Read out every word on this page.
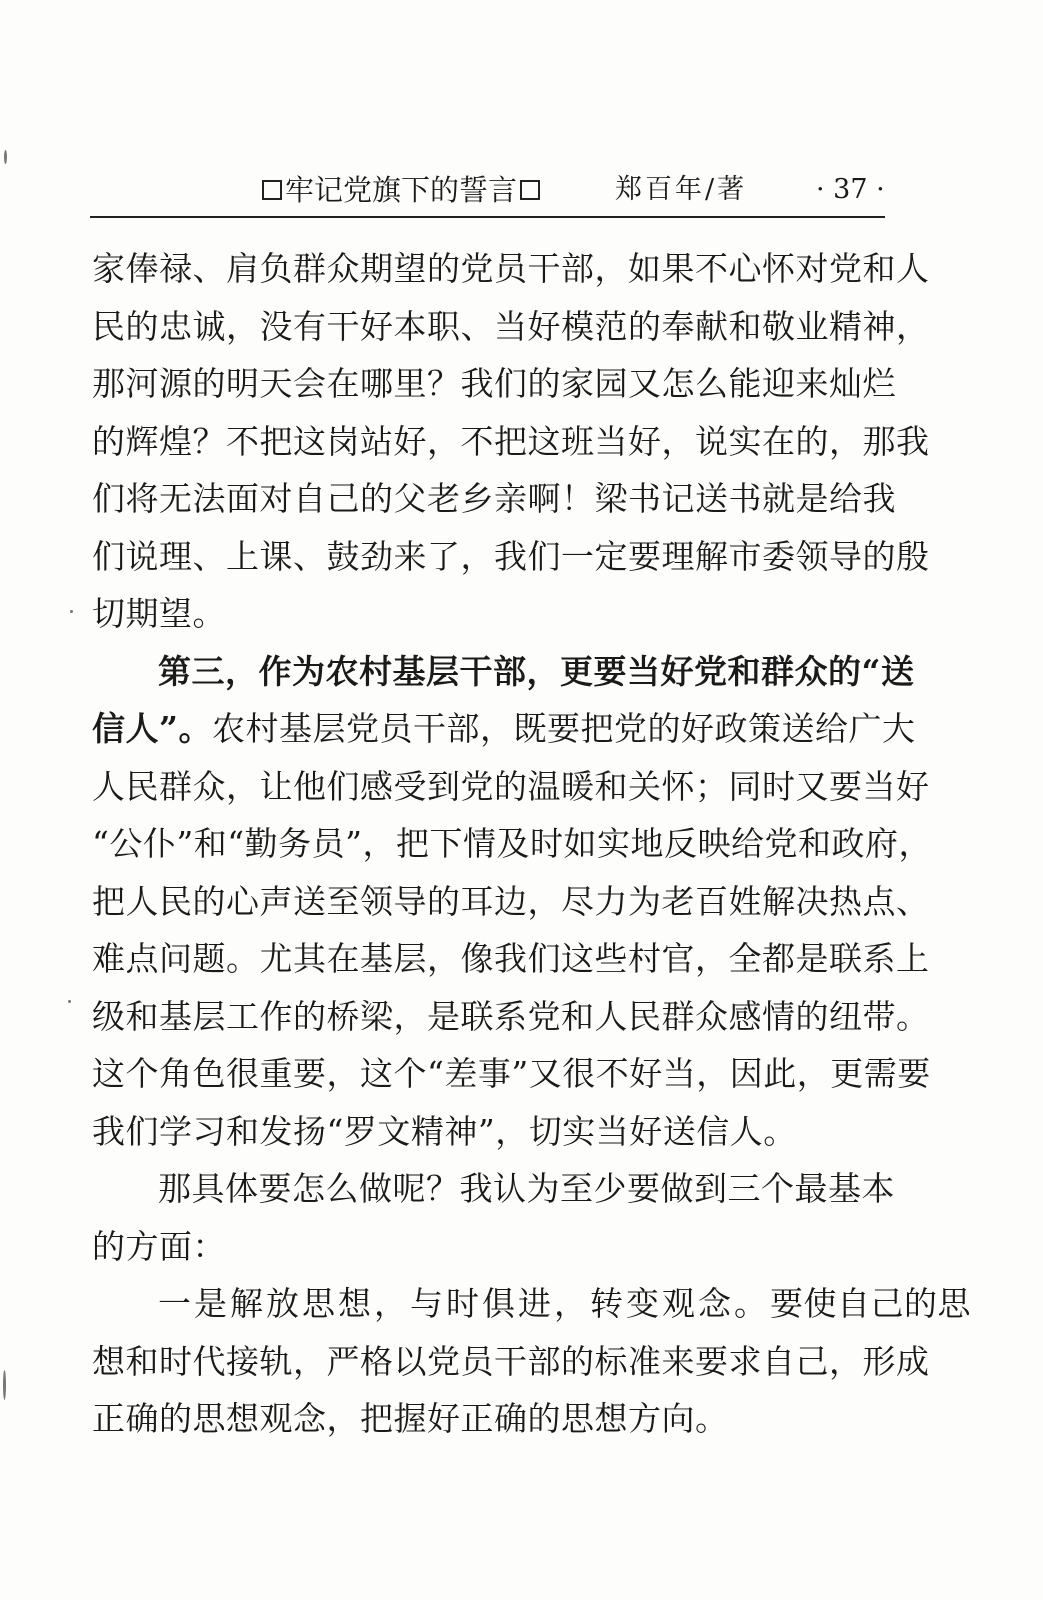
牢记党旗下的誓言	郑百年/著	· 37 ·
家俸禄、肩负群众期望的党员干部，如果不心怀对党和人
民的忠诚，没有干好本职、当好模范的奉献和敬业精神，
那河源的明天会在哪里？我们的家园又怎么能迎来灿烂
的辉煌？不把这岗站好，不把这班当好，说实在的，那我
们将无法面对自己的父老乡亲啊！梁书记送书就是给我
们说理、上课、鼓劲来了，我们一定要理解市委领导的殷
切期望。
第三，作为农村基层干部，更要当好党和群众的“送
信人”。农村基层党员干部，既要把党的好政策送给广大
人民群众，让他们感受到党的温暖和关怀；同时又要当好
“公仆”和“勤务员”，把下情及时如实地反映给党和政府，
把人民的心声送至领导的耳边，尽力为老百姓解决热点、
难点问题。尤其在基层，像我们这些村官，全都是联系上
级和基层工作的桥梁，是联系党和人民群众感情的纽带。
这个角色很重要，这个“差事”又很不好当，因此，更需要
我们学习和发扬“罗文精神”，切实当好送信人。
那具体要怎么做呢？我认为至少要做到三个最基本
的方面：
一是解放思想，与时俱进，转变观念。要使自己的思
想和时代接轨，严格以党员干部的标准来要求自己，形成
正确的思想观念，把握好正确的思想方向。
